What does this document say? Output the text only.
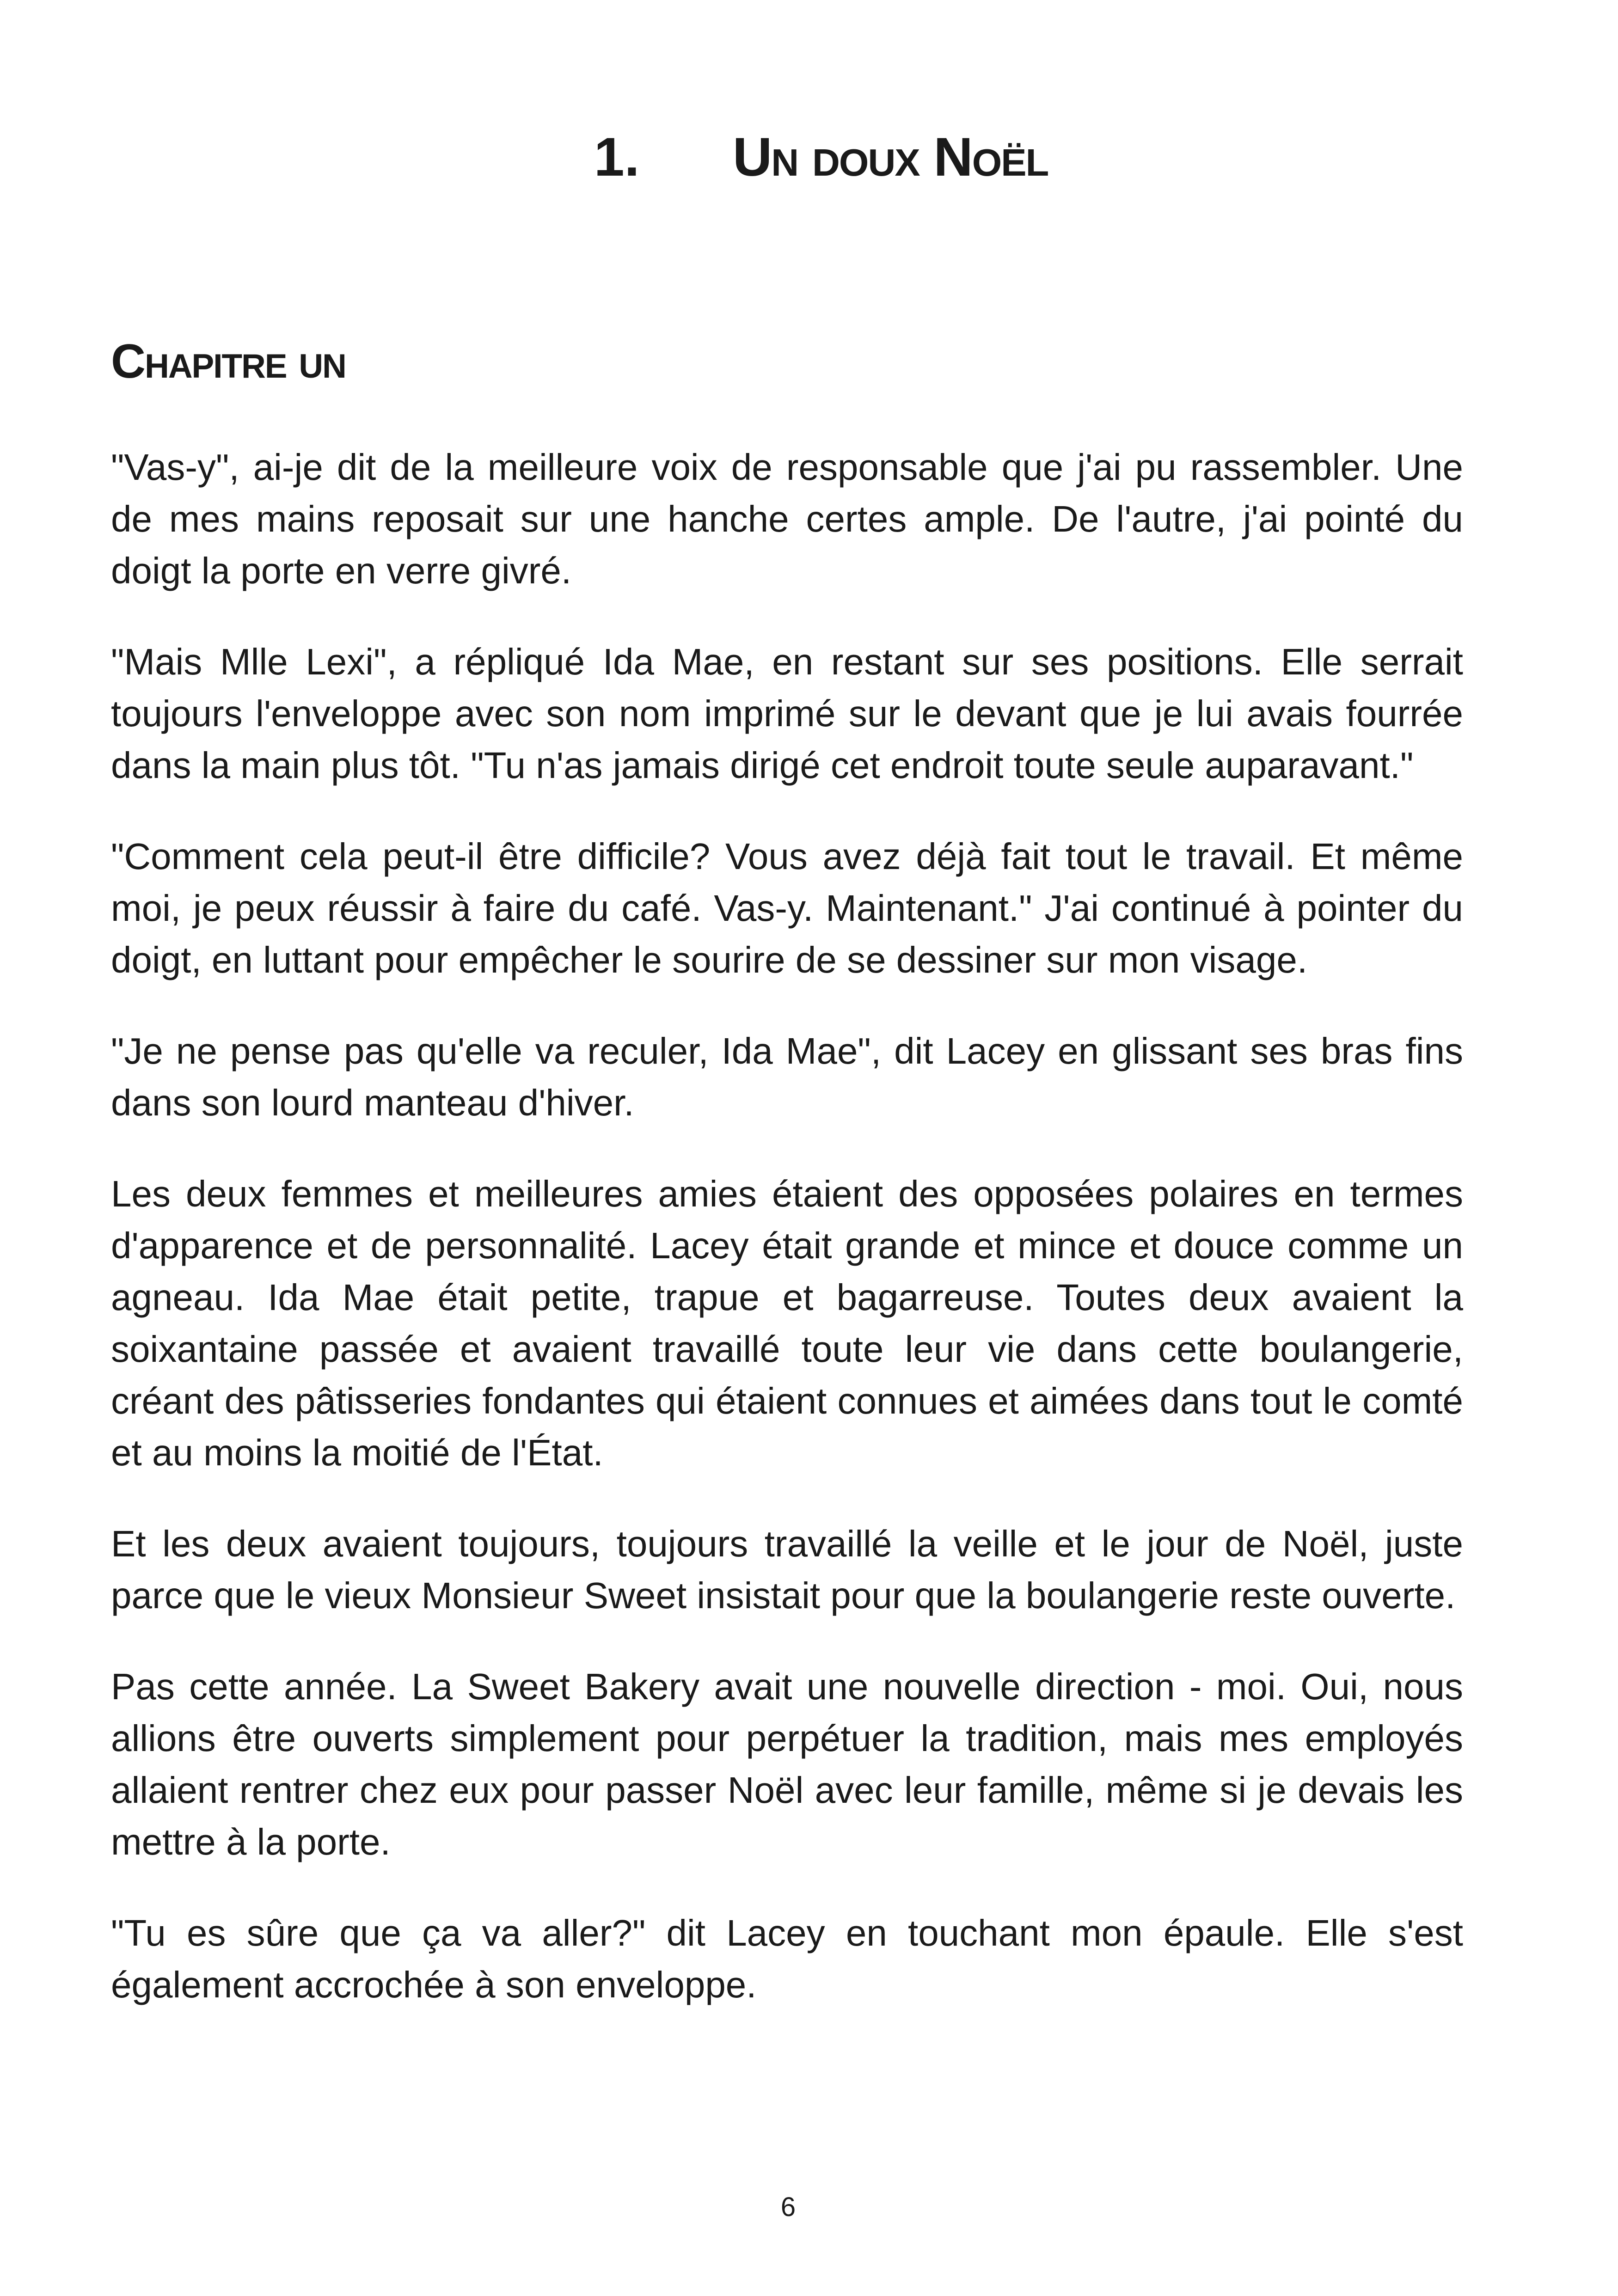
1.	Un doux Noël
Chapitre un

"Vas-y", ai-je dit de la meilleure voix de responsable que j'ai pu rassembler. Une de mes mains reposait sur une hanche certes ample. De l'autre, j'ai pointé du doigt la porte en verre givré.

"Mais Mlle Lexi", a répliqué Ida Mae, en restant sur ses positions. Elle serrait toujours l'enveloppe avec son nom imprimé sur le devant que je lui avais fourrée dans la main plus tôt. "Tu n'as jamais dirigé cet endroit toute seule auparavant."

"Comment cela peut-il être difficile? Vous avez déjà fait tout le travail. Et même moi, je peux réussir à faire du café. Vas-y. Maintenant." J'ai continué à pointer du doigt, en luttant pour empêcher le sourire de se dessiner sur mon visage.

"Je ne pense pas qu'elle va reculer, Ida Mae", dit Lacey en glissant ses bras fins dans son lourd manteau d'hiver.

Les deux femmes et meilleures amies étaient des opposées polaires en termes d'apparence et de personnalité. Lacey était grande et mince et douce comme un agneau. Ida Mae était petite, trapue et bagarreuse. Toutes deux avaient la soixantaine passée et avaient travaillé toute leur vie dans cette boulangerie, créant des pâtisseries fondantes qui étaient connues et aimées dans tout le comté et au moins la moitié de l'État.

Et les deux avaient toujours, toujours travaillé la veille et le jour de Noël, juste parce que le vieux Monsieur Sweet insistait pour que la boulangerie reste ouverte.

Pas cette année. La Sweet Bakery avait une nouvelle direction - moi. Oui, nous allions être ouverts simplement pour perpétuer la tradition, mais mes employés allaient rentrer chez eux pour passer Noël avec leur famille, même si je devais les mettre à la porte.

"Tu es sûre que ça va aller?" dit Lacey en touchant mon épaule. Elle s'est également accrochée à son enveloppe.

6
